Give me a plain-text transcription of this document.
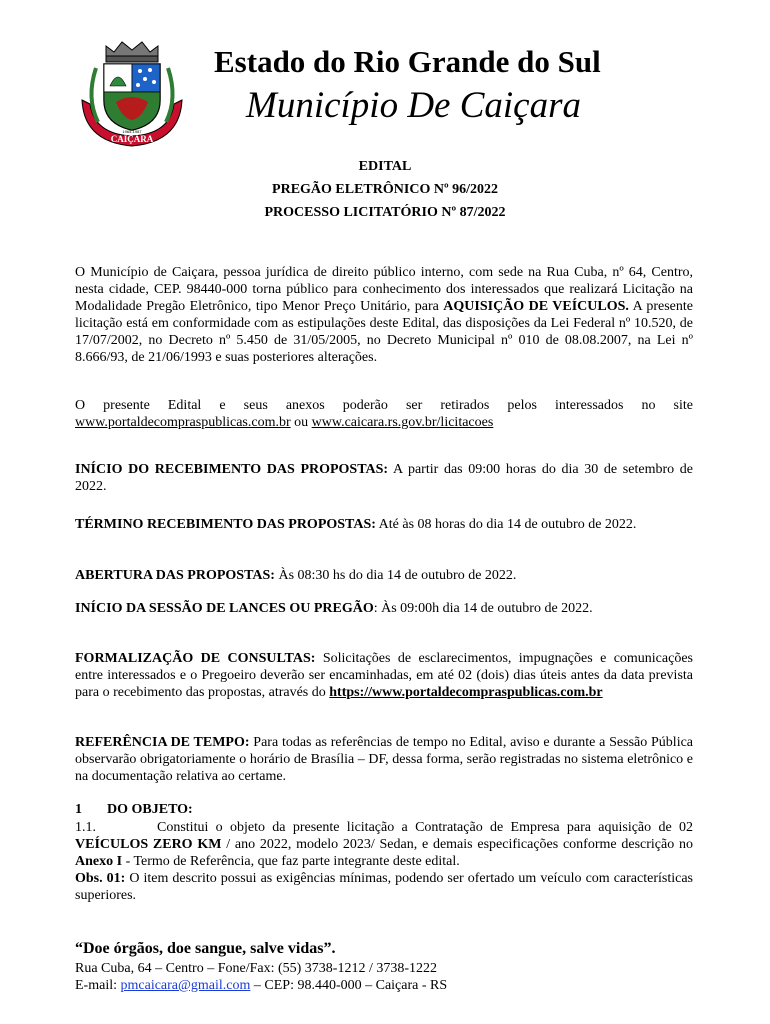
CAIÇARA
1965-1987
Estado do Rio Grande do Sul
Município De Caiçara
EDITAL
PREGÃO ELETRÔNICO Nº 96/2022
PROCESSO LICITATÓRIO Nº 87/2022

O Município de Caiçara, pessoa jurídica de direito público interno, com sede na Rua Cuba, nº 64, Centro, nesta cidade, CEP. 98440-000 torna público para conhecimento dos interessados que realizará Licitação na Modalidade Pregão Eletrônico, tipo Menor Preço Unitário, para AQUISIÇÃO DE VEÍCULOS. A presente licitação está em conformidade com as estipulações deste Edital, das disposições da Lei Federal nº 10.520, de 17/07/2002, no Decreto nº 5.450 de 31/05/2005, no Decreto Municipal nº 010 de 08.08.2007, na Lei nº 8.666/93, de 21/06/1993 e suas posteriores alterações.

O presente Edital e seus anexos poderão ser retirados pelos interessados no site www.portaldecompraspublicas.com.br ou www.caicara.rs.gov.br/licitacoes

INÍCIO DO RECEBIMENTO DAS PROPOSTAS: A partir das 09:00 horas do dia 30 de setembro de 2022.

TÉRMINO RECEBIMENTO DAS PROPOSTAS: Até às 08 horas do dia 14 de outubro de 2022.

ABERTURA DAS PROPOSTAS: Às 08:30 hs do dia 14 de outubro de 2022.

INÍCIO DA SESSÃO DE LANCES OU PREGÃO: Às 09:00h dia 14 de outubro de 2022.

FORMALIZAÇÃO DE CONSULTAS: Solicitações de esclarecimentos, impugnações e comunicações entre interessados e o Pregoeiro deverão ser encaminhadas, em até 02 (dois) dias úteis antes da data prevista para o recebimento das propostas, através do https://www.portaldecompraspublicas.com.br

REFERÊNCIA DE TEMPO: Para todas as referências de tempo no Edital, aviso e durante a Sessão Pública observarão obrigatoriamente o horário de Brasília – DF, dessa forma, serão registradas no sistema eletrônico e na documentação relativa ao certame.

1 DO OBJETO:

1.1.	Constitui o objeto da presente licitação a Contratação de Empresa para aquisição de 02 VEÍCULOS ZERO KM / ano 2022, modelo 2023/ Sedan, e demais especificações conforme descrição no Anexo I - Termo de Referência, que faz parte integrante deste edital.

Obs. 01: O item descrito possui as exigências mínimas, podendo ser ofertado um veículo com características superiores.

“Doe órgãos, doe sangue, salve vidas”.
Rua Cuba, 64 – Centro – Fone/Fax: (55) 3738-1212 / 3738-1222
E-mail: pmcaicara@gmail.com – CEP: 98.440-000 – Caiçara - RS
